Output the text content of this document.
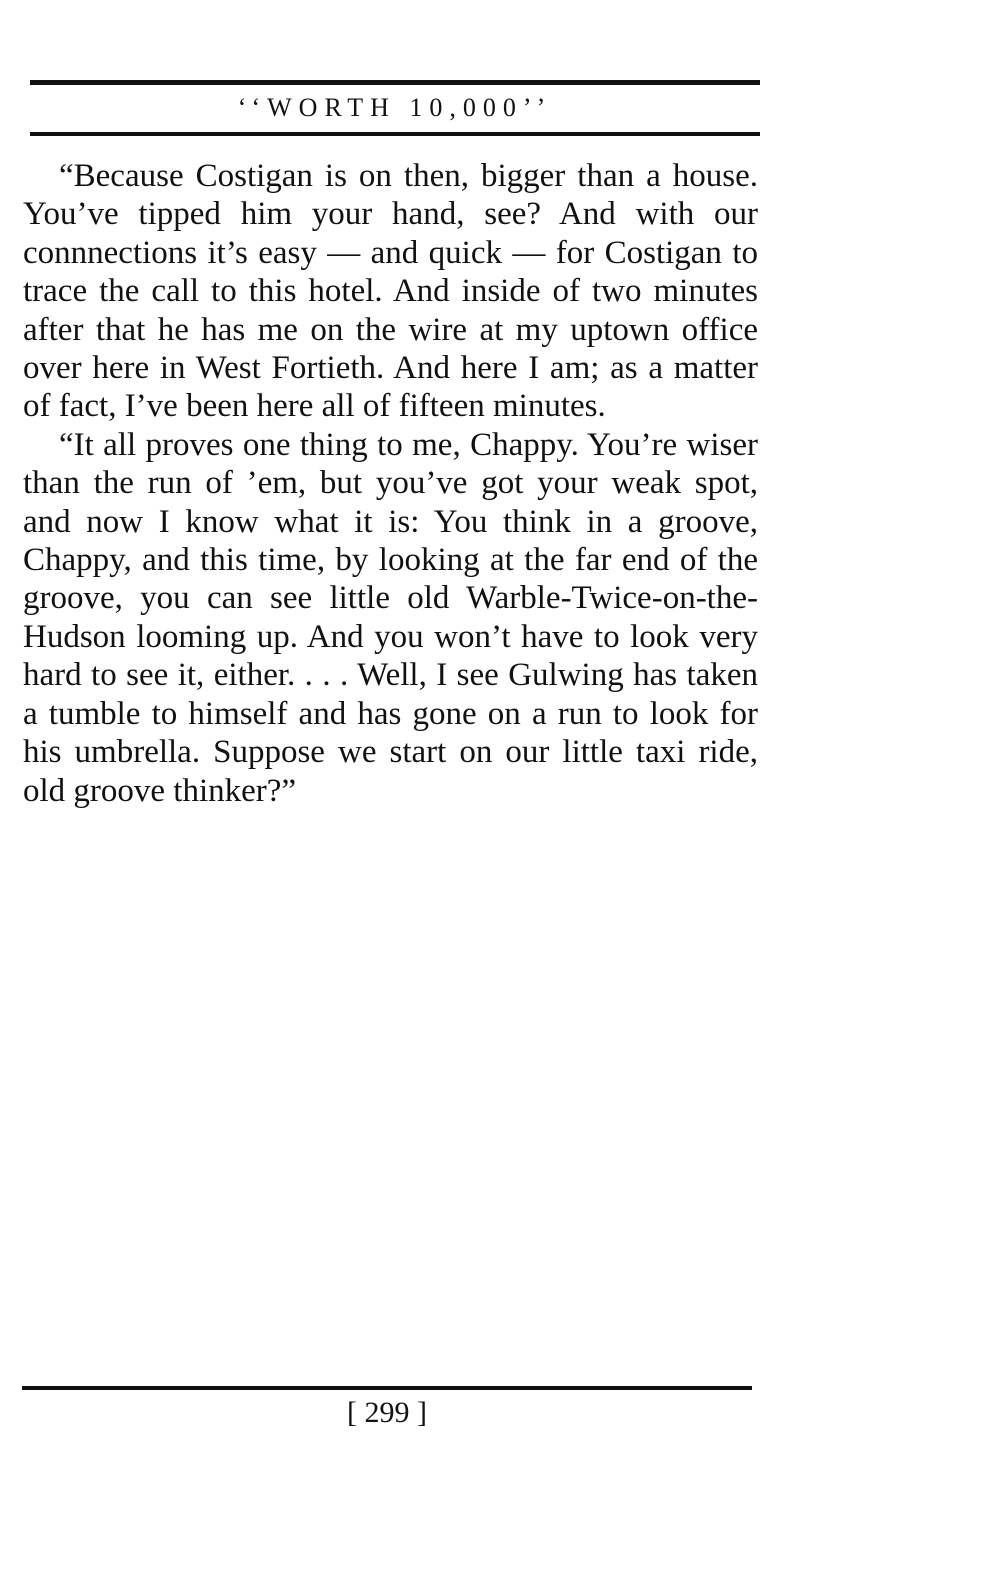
‘‘WORTH 10,000’’

“Because Costigan is on then, bigger than a house. You’ve tipped him your hand, see? And with our connnections it’s easy — and quick — for Costigan to trace the call to this hotel. And inside of two minutes after that he has me on the wire at my uptown office over here in West Fortieth. And here I am; as a matter of fact, I’ve been here all of fifteen minutes.

“It all proves one thing to me, Chappy. You’re wiser than the run of ’em, but you’ve got your weak spot, and now I know what it is: You think in a groove, Chappy, and this time, by looking at the far end of the groove, you can see little old Warble-Twice-on-the-Hudson looming up. And you won’t have to look very hard to see it, either. . . . Well, I see Gulwing has taken a tumble to himself and has gone on a run to look for his umbrella. Suppose we start on our little taxi ride, old groove thinker?”

[ 299 ]
